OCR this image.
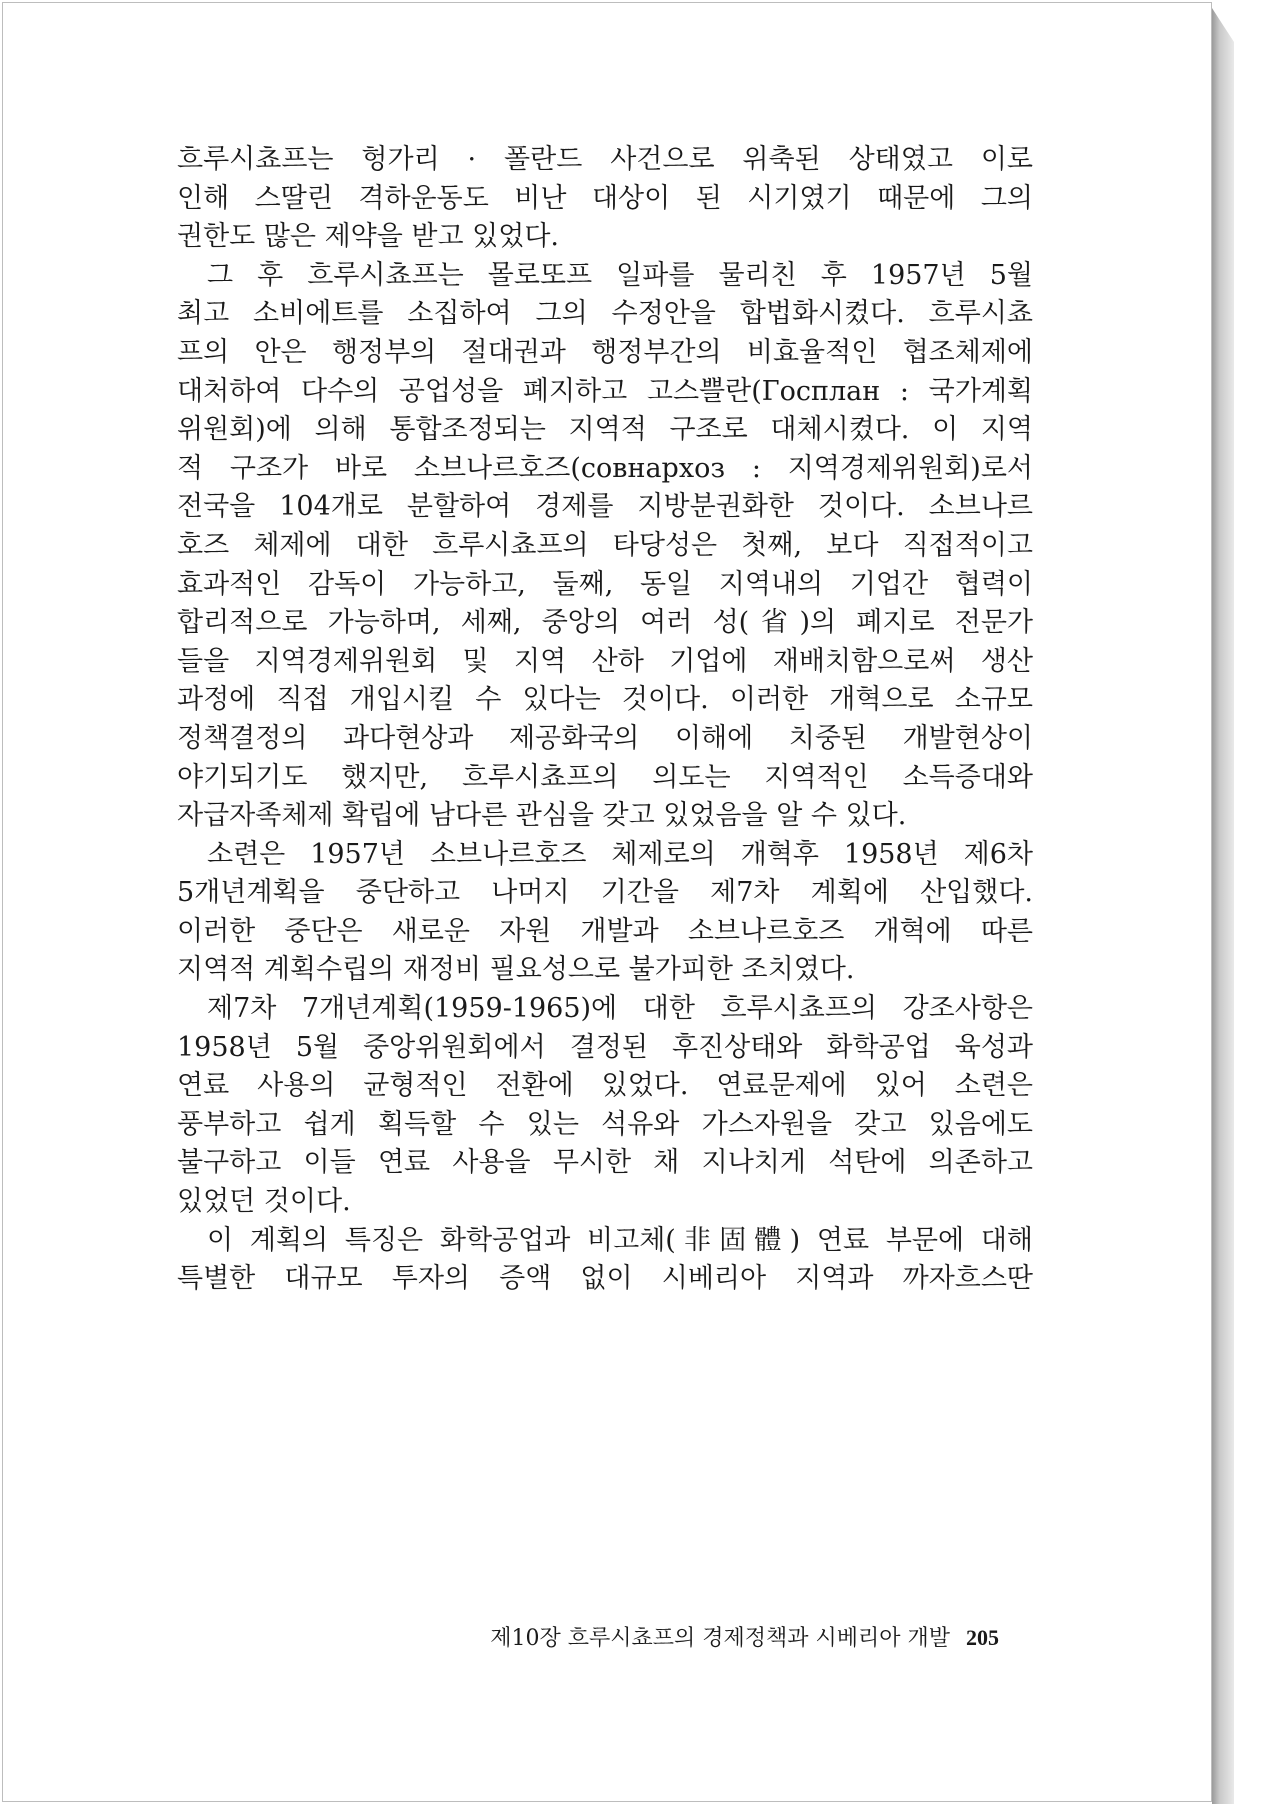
흐루시쵸프는 헝가리 · 폴란드 사건으로 위축된 상태였고 이로
인해 스딸린 격하운동도 비난 대상이 된 시기였기 때문에 그의
권한도 많은 제약을 받고 있었다.
그 후 흐루시쵸프는 몰로또프 일파를 물리친 후 1957년 5월
최고 소비에트를 소집하여 그의 수정안을 합법화시켰다. 흐루시쵸
프의 안은 행정부의 절대권과 행정부간의 비효율적인 협조체제에
대처하여 다수의 공업성을 폐지하고 고스쁠란(Госплан : 국가계획
위원회)에 의해 통합조정되는 지역적 구조로 대체시켰다. 이 지역
적 구조가 바로 소브나르호즈(совнархоз : 지역경제위원회)로서
전국을 104개로 분할하여 경제를 지방분권화한 것이다. 소브나르
호즈 체제에 대한 흐루시쵸프의 타당성은 첫째, 보다 직접적이고
효과적인 감독이 가능하고, 둘째, 동일 지역내의 기업간 협력이
합리적으로 가능하며, 세째, 중앙의 여러 성(省)의 폐지로 전문가
들을 지역경제위원회 및 지역 산하 기업에 재배치함으로써 생산
과정에 직접 개입시킬 수 있다는 것이다. 이러한 개혁으로 소규모
정책결정의 과다현상과 제공화국의 이해에 치중된 개발현상이
야기되기도 했지만, 흐루시쵸프의 의도는 지역적인 소득증대와
자급자족체제 확립에 남다른 관심을 갖고 있었음을 알 수 있다.
소련은 1957년 소브나르호즈 체제로의 개혁후 1958년 제6차
5개년계획을 중단하고 나머지 기간을 제7차 계획에 산입했다.
이러한 중단은 새로운 자원 개발과 소브나르호즈 개혁에 따른
지역적 계획수립의 재정비 필요성으로 불가피한 조치였다.
제7차 7개년계획(1959-1965)에 대한 흐루시쵸프의 강조사항은
1958년 5월 중앙위원회에서 결정된 후진상태와 화학공업 육성과
연료 사용의 균형적인 전환에 있었다. 연료문제에 있어 소련은
풍부하고 쉽게 획득할 수 있는 석유와 가스자원을 갖고 있음에도
불구하고 이들 연료 사용을 무시한 채 지나치게 석탄에 의존하고
있었던 것이다.
이 계획의 특징은 화학공업과 비고체(非固體) 연료 부문에 대해
특별한 대규모 투자의 증액 없이 시베리아 지역과 까자흐스딴
제10장 흐루시쵸프의 경제정책과 시베리아 개발 205
